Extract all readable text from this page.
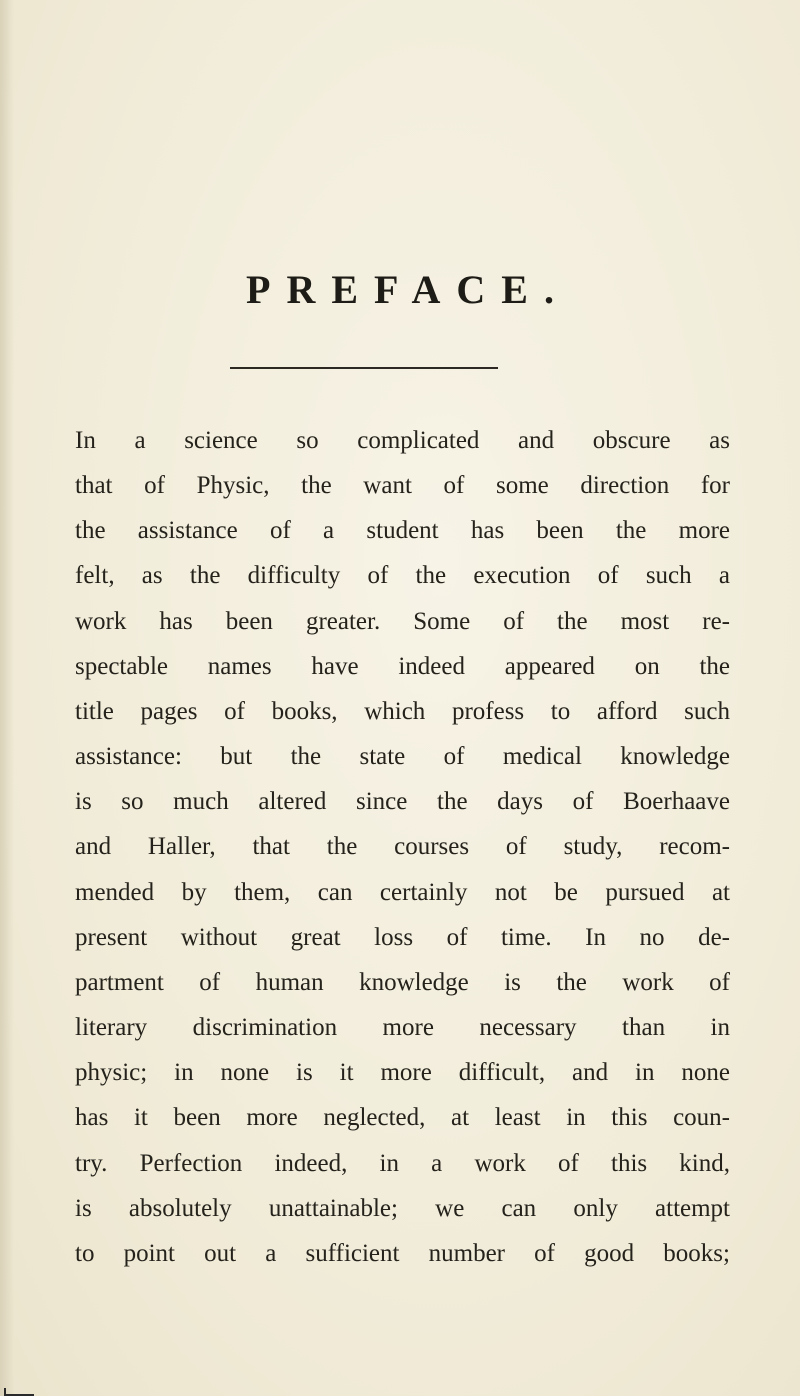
PREFACE.
In a science so complicated and obscure as
that of Physic, the want of some direction for
the assistance of a student has been the more
felt, as the difficulty of the execution of such a
work has been greater. Some of the most re-
spectable names have indeed appeared on the
title pages of books, which profess to afford such
assistance: but the state of medical knowledge
is so much altered since the days of Boerhaave
and Haller, that the courses of study, recom-
mended by them, can certainly not be pursued at
present without great loss of time. In no de-
partment of human knowledge is the work of
literary discrimination more necessary than in
physic; in none is it more difficult, and in none
has it been more neglected, at least in this coun-
try. Perfection indeed, in a work of this kind,
is absolutely unattainable; we can only attempt
to point out a sufficient number of good books;
